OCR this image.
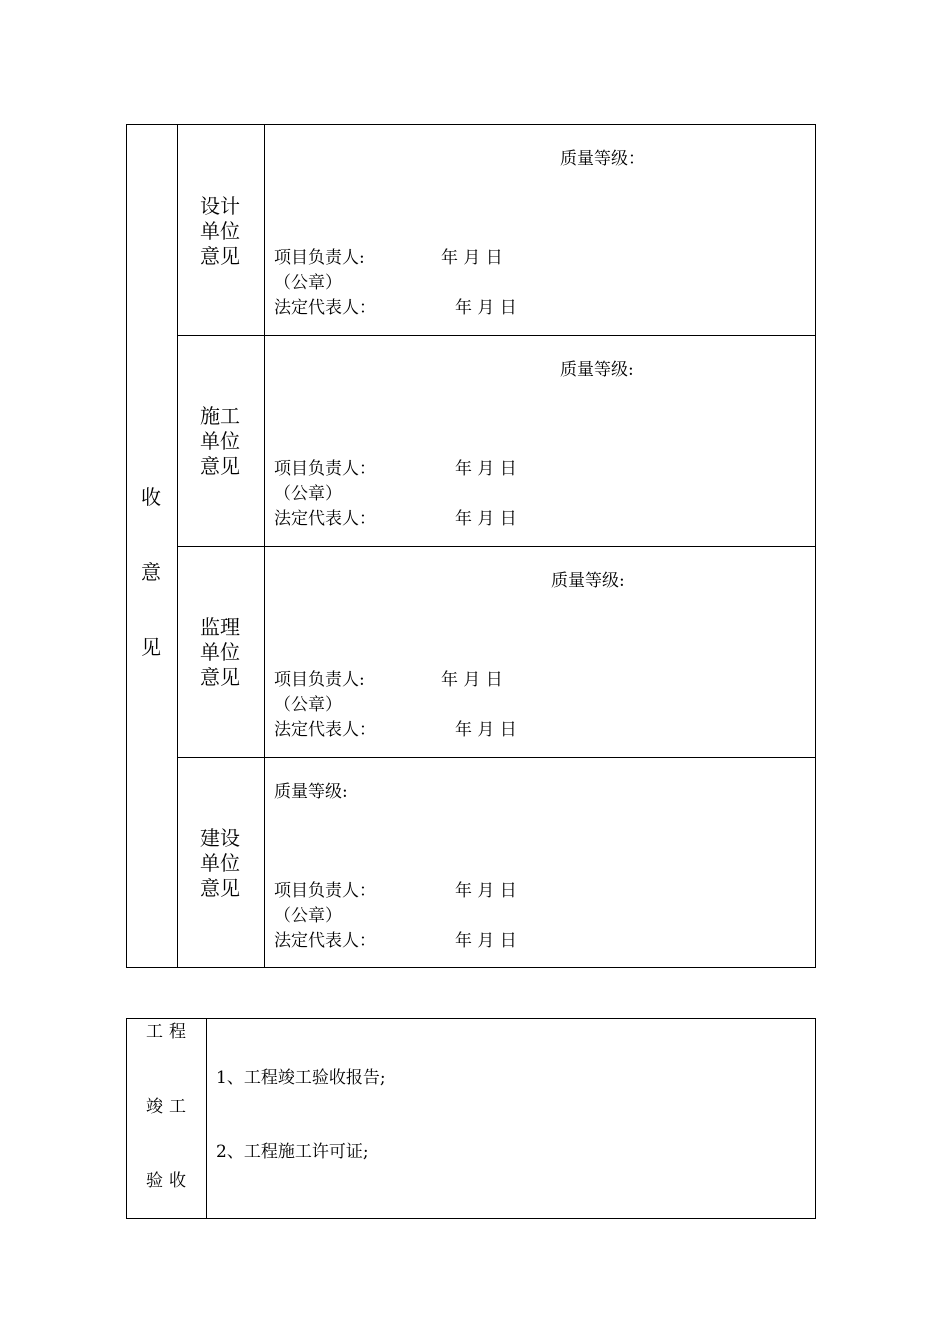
收
意
见
设计
单位
意见
质量等级：
项目负责人:	年 月 日
（公章）
法定代表人：	年 月 日
施工
单位
意见
质量等级:
项目负责人：	年 月 日
（公章）
法定代表人：	年 月 日
监理
单位
意见
质量等级:
项目负责人:	年 月 日
（公章）
法定代表人：	年 月 日
建设
单位
意见
质量等级:
项目负责人：	年 月 日
（公章）
法定代表人：	年 月 日
工程
竣工
验收
1、工程竣工验收报告;
2、工程施工许可证;
